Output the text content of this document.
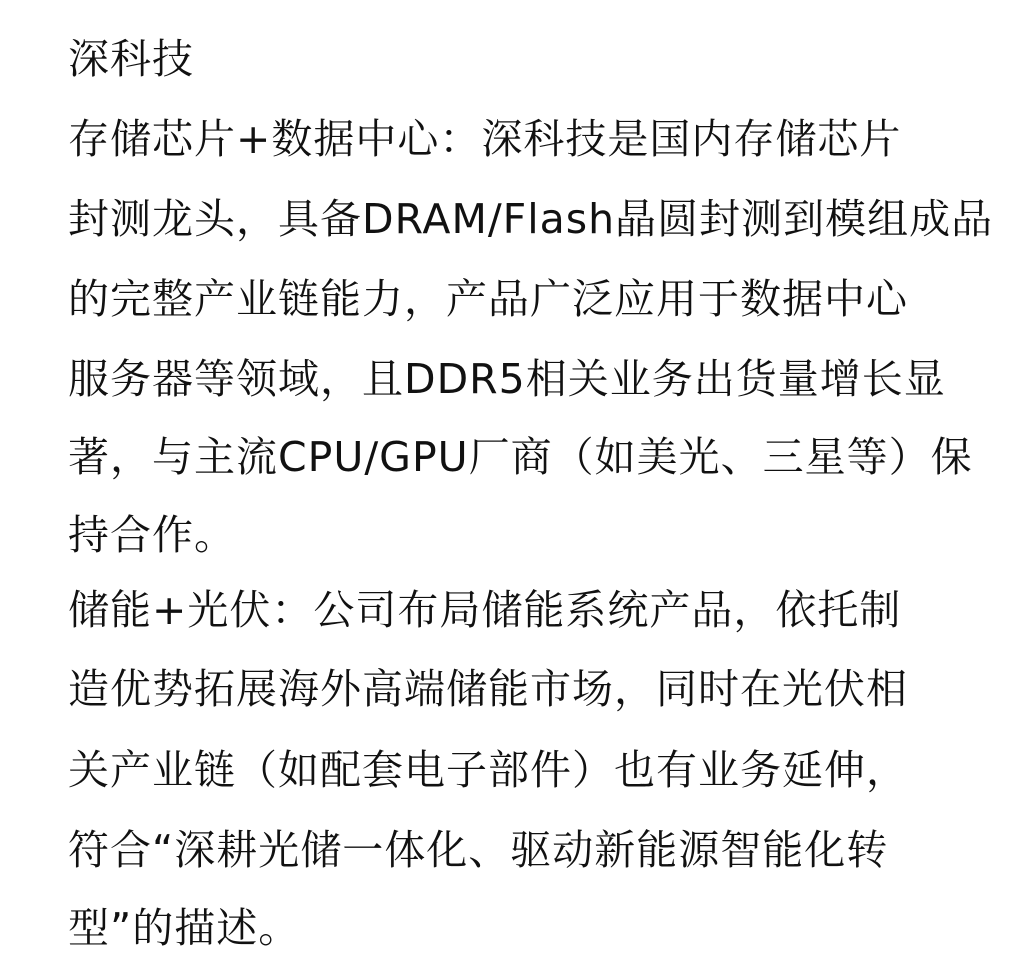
深科技
存储芯片+数据中心：深科技是国内存储芯片
封测龙头，具备DRAM/Flash晶圆封测到模组成品
的完整产业链能力，产品广泛应用于数据中心
服务器等领域，且DDR5相关业务出货量增长显
著，与主流CPU/GPU厂商（如美光、三星等）保
持合作。
储能+光伏：公司布局储能系统产品，依托制
造优势拓展海外高端储能市场，同时在光伏相
关产业链（如配套电子部件）也有业务延伸，
符合“深耕光储一体化、驱动新能源智能化转
型”的描述。
